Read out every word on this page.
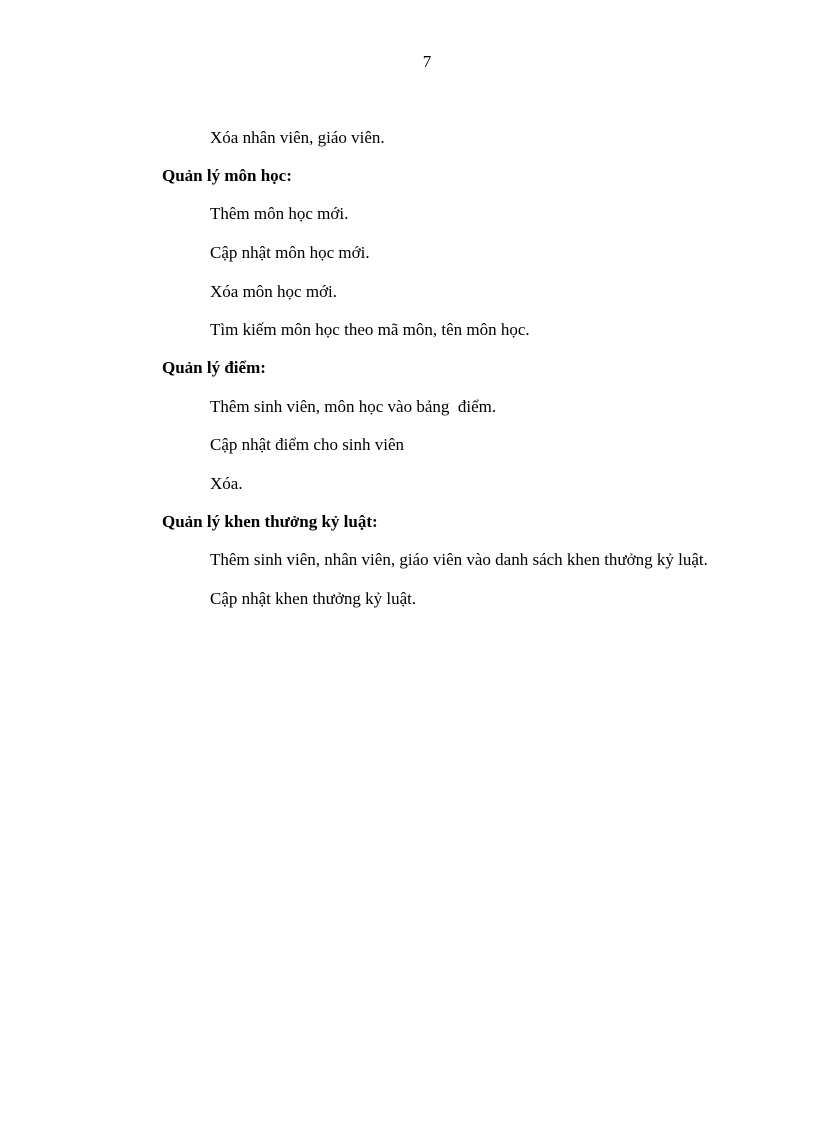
7
Xóa nhân viên, giáo viên.
Quản lý môn học:
Thêm môn học mới.
Cập nhật môn học mới.
Xóa môn học mới.
Tìm kiếm môn học theo mã môn, tên môn học.
Quản lý điểm:
Thêm sinh viên, môn học vào bảng  điểm.
Cập nhật điểm cho sinh viên
Xóa.
Quản lý khen thưởng kỷ luật:
Thêm sinh viên, nhân viên, giáo viên vào danh sách khen thưởng kỷ luật.
Cập nhật khen thưởng kỷ luật.
